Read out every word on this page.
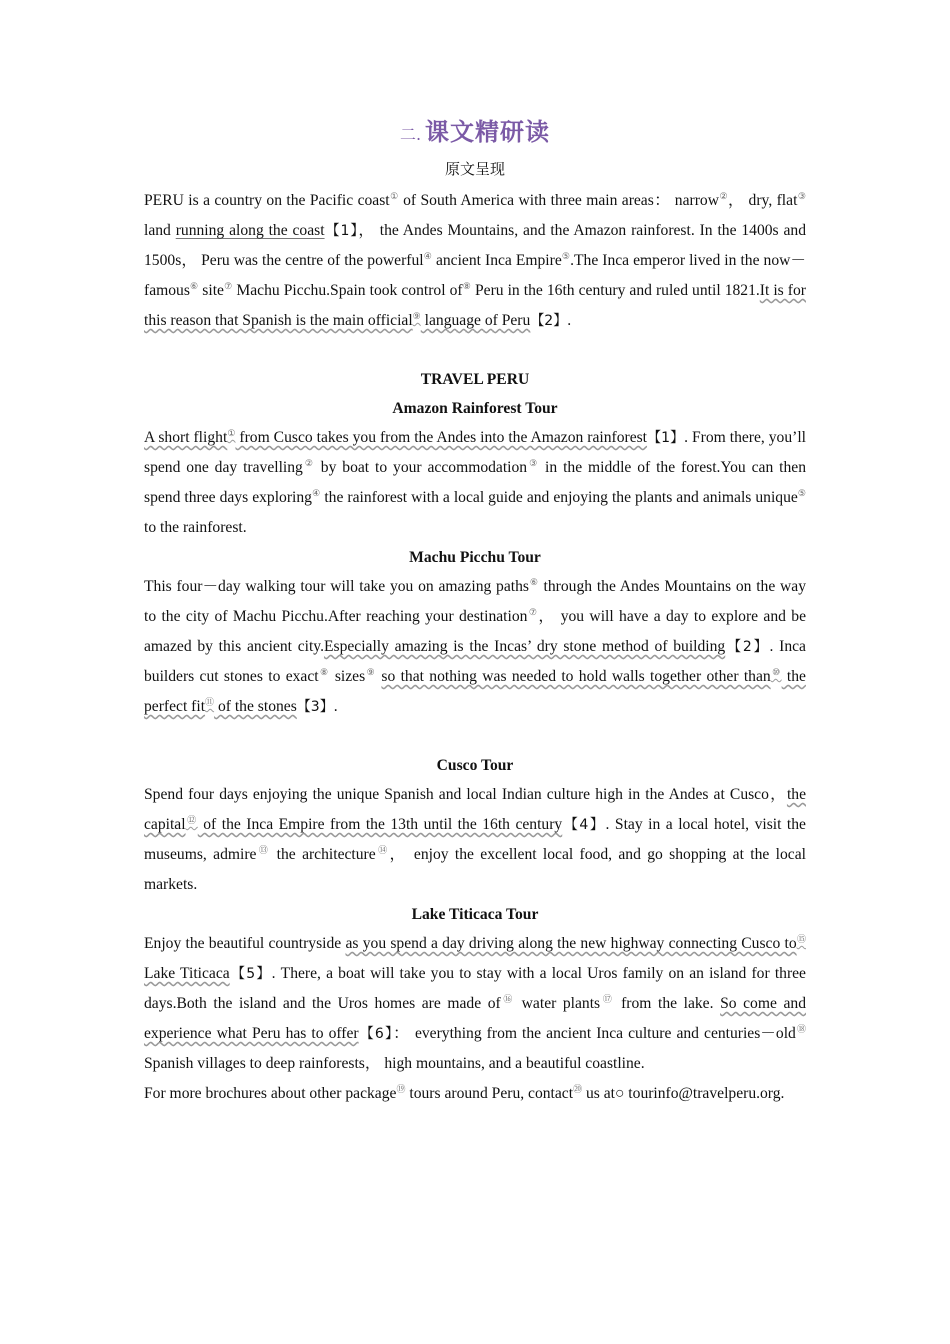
二. 课文精研读
原文呈现

PERU is a country on the Pacific coast① of South America with three main areas： narrow②， dry, flat③ land running along the coast【1】， the Andes Mountains, and the Amazon rainforest. In the 1400s and 1500s， Peru was the centre of the powerful④ ancient Inca Empire⑤.The Inca emperor lived in the now－famous⑥ site⑦ Machu Picchu.Spain took control of⑧ Peru in the 16th century and ruled until 1821.It is for this reason that Spanish is the main official⑨ language of Peru【2】.

TRAVEL PERU

Amazon Rainforest Tour

A short flight① from Cusco takes you from the Andes into the Amazon rainforest【1】. From there, you’ll spend one day travelling② by boat to your accommodation③ in the middle of the forest.You can then spend three days exploring④ the rainforest with a local guide and enjoying the plants and animals unique⑤ to the rainforest.

Machu Picchu Tour

This four－day walking tour will take you on amazing paths⑥ through the Andes Mountains on the way to the city of Machu Picchu.After reaching your destination⑦， you will have a day to explore and be amazed by this ancient city.Especially amazing is the Incas’ dry stone method of building【2】. Inca builders cut stones to exact⑧ sizes⑨ so that nothing was needed to hold walls together other than⑩ the perfect fit⑪ of the stones【3】.

Cusco Tour

Spend four days enjoying the unique Spanish and local Indian culture high in the Andes at Cusco，the capital⑫ of the Inca Empire from the 13th until the 16th century【4】. Stay in a local hotel, visit the museums, admire⑬ the architecture⑭， enjoy the excellent local food, and go shopping at the local markets.

Lake Titicaca Tour

Enjoy the beautiful countryside as you spend a day driving along the new highway connecting Cusco to⑮ Lake Titicaca【5】. There, a boat will take you to stay with a local Uros family on an island for three days.Both the island and the Uros homes are made of⑯ water plants⑰ from the lake. So come and experience what Peru has to offer【6】： everything from the ancient Inca culture and centuries－old⑱ Spanish villages to deep rainforests， high mountains, and a beautiful coastline.

For more brochures about other package⑲ tours around Peru, contact⑳ us at○ tourinfo@travelperu.org.
